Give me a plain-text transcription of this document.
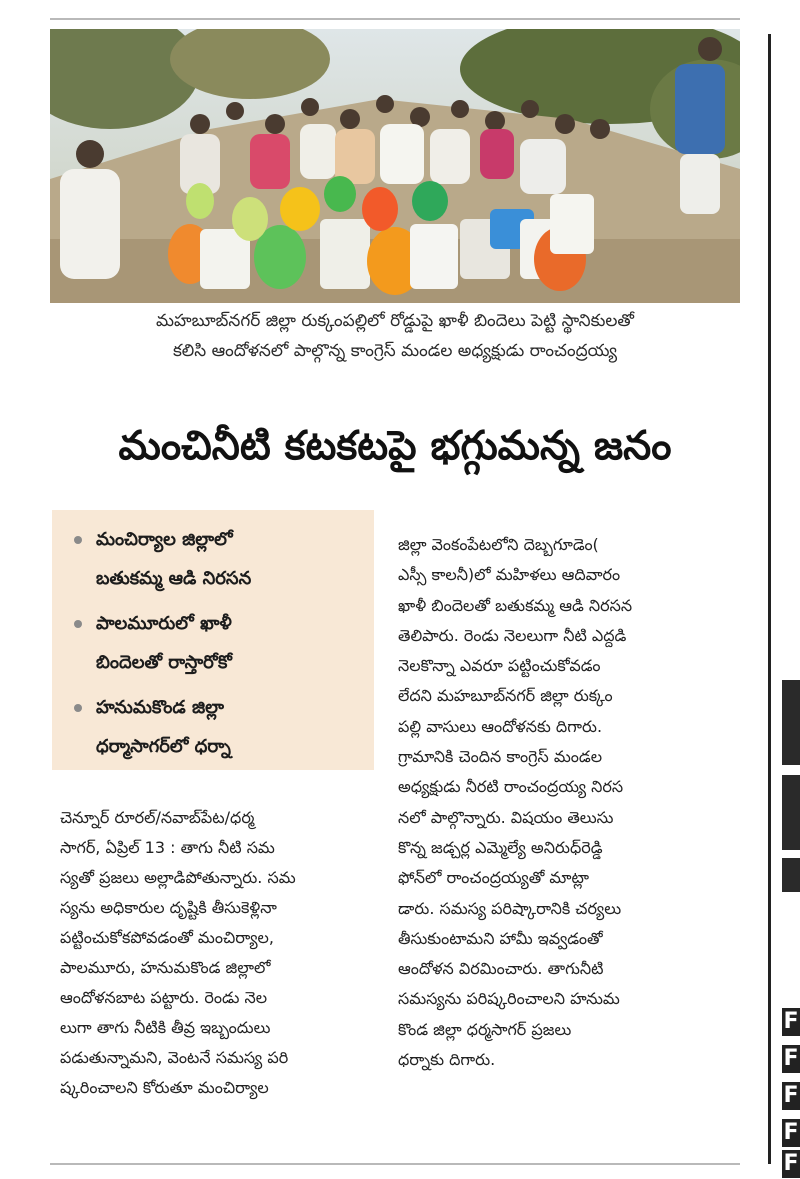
మహబూబ్‌నగర్ జిల్లా రుక్కంపల్లిలో రోడ్డుపై ఖాళీ బిందెలు పెట్టి స్థానికులతో
కలిసి ఆందోళనలో పాల్గొన్న కాంగ్రెస్ మండల అధ్యక్షుడు రాంచంద్రయ్య
మంచినీటి కటకటపై భగ్గుమన్న జనం
మంచిర్యాల జిల్లాలో
బతుకమ్మ ఆడి నిరసన
పాలమూరులో ఖాళీ
బిందెలతో రాస్తారోకో
హనుమకొండ జిల్లా
ధర్మాసాగర్‌లో ధర్నా
చెన్నూర్ రూరల్/నవాబ్‌పేట/ధర్మ
సాగర్, ఏప్రిల్ 13 : తాగు నీటి సమ
స్యతో ప్రజలు అల్లాడిపోతున్నారు. సమ
స్యను అధికారుల దృష్టికి తీసుకెళ్లినా
పట్టించుకోకపోవడంతో మంచిర్యాల,
పాలమూరు, హనుమకొండ జిల్లాలో
ఆందోళనబాట పట్టారు. రెండు నెల
లుగా తాగు నీటికి తీవ్ర ఇబ్బందులు
పడుతున్నామని, వెంటనే సమస్య పరి
ష్కరించాలని కోరుతూ మంచిర్యాల
జిల్లా వెంకంపేటలోని దెబ్బగూడెం(
ఎస్సీ కాలనీ)లో మహిళలు ఆదివారం
ఖాళీ బిందెలతో బతుకమ్మ ఆడి నిరసన
తెలిపారు. రెండు నెలలుగా నీటి ఎద్దడి
నెలకొన్నా ఎవరూ పట్టించుకోవడం
లేదని మహబూబ్‌నగర్ జిల్లా రుక్కం
పల్లి వాసులు ఆందోళనకు దిగారు.
గ్రామానికి చెందిన కాంగ్రెస్ మండల
అధ్యక్షుడు నీరటి రాంచంద్రయ్య నిరస
నలో పాల్గొన్నారు. విషయం తెలుసు
కొన్న జడ్చర్ల ఎమ్మెల్యే అనిరుధ్‌రెడ్డి
ఫోన్‌లో రాంచంద్రయ్యతో మాట్లా
డారు. సమస్య పరిష్కారానికి చర్యలు
తీసుకుంటామని హామీ ఇవ్వడంతో
ఆందోళన విరమించారు. తాగునీటి
సమస్యను పరిష్కరించాలని హనుమ
కొండ జిల్లా ధర్మసాగర్ ప్రజలు
ధర్నాకు దిగారు.
F
F
F
F
F
